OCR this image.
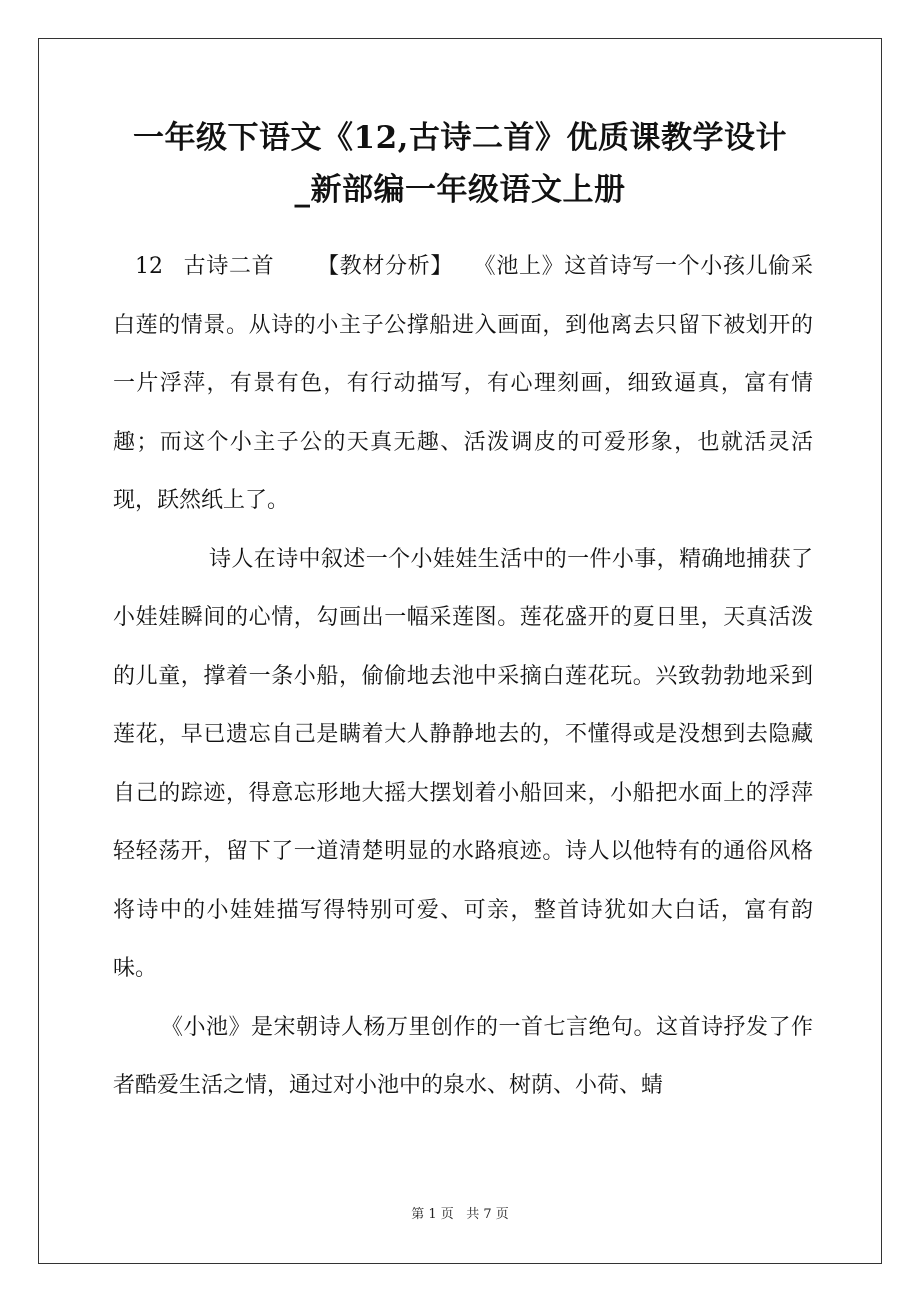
一年级下语文《12,古诗二首》优质课教学设计
_新部编一年级语文上册

12 古诗二首 【教材分析】 《池上》这首诗写一个小孩儿偷采白莲的情景。从诗的小主子公撑船进入画面，到他离去只留下被划开的一片浮萍，有景有色，有行动描写，有心理刻画，细致逼真，富有情趣；而这个小主子公的天真无趣、活泼调皮的可爱形象，也就活灵活现，跃然纸上了。

诗人在诗中叙述一个小娃娃生活中的一件小事，精确地捕获了小娃娃瞬间的心情，勾画出一幅采莲图。莲花盛开的夏日里，天真活泼的儿童，撑着一条小船，偷偷地去池中采摘白莲花玩。兴致勃勃地采到莲花，早已遗忘自己是瞒着大人静静地去的，不懂得或是没想到去隐藏自己的踪迹，得意忘形地大摇大摆划着小船回来，小船把水面上的浮萍轻轻荡开，留下了一道清楚明显的水路痕迹。诗人以他特有的通俗风格将诗中的小娃娃描写得特别可爱、可亲，整首诗犹如大白话，富有韵味。

《小池》是宋朝诗人杨万里创作的一首七言绝句。这首诗抒发了作者酷爱生活之情，通过对小池中的泉水、树荫、小荷、蜻

第 1 页 共 7 页
